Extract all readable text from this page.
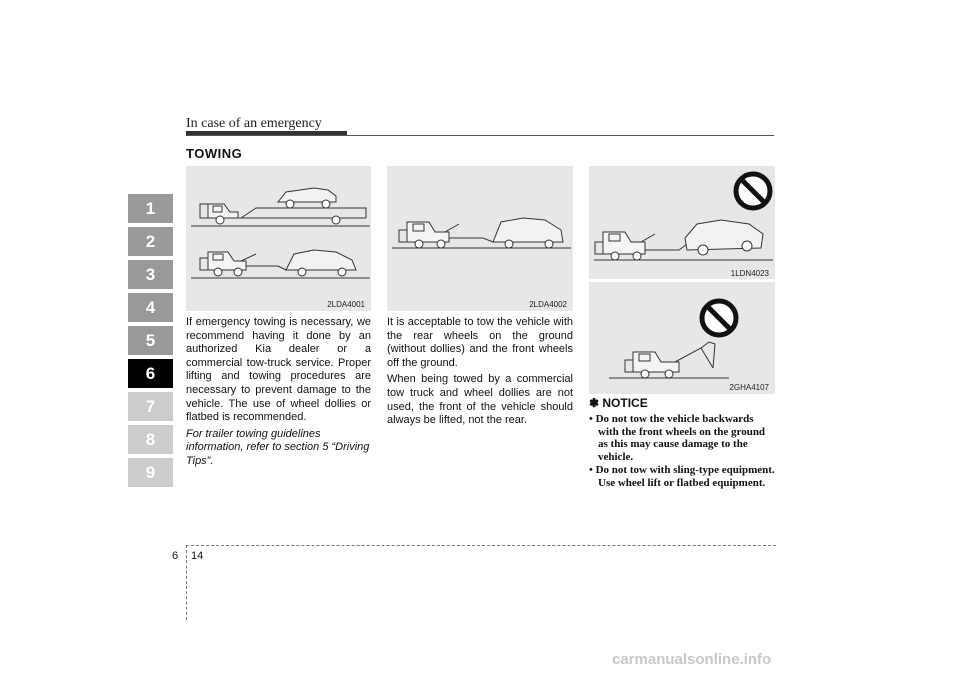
In case of an emergency
TOWING
1
2
3
4
5
6
7
8
9
2LDA4001	2LDA4002
1LDN4023
2GHA4107

If emergency towing is necessary, we recommend having it done by an authorized Kia dealer or a commercial tow-truck service. Proper lifting and towing procedures are necessary to prevent damage to the vehicle. The use of wheel dollies or flatbed is recommended.

For trailer towing guidelines information, refer to section 5 “Driving Tips”.

It is acceptable to tow the vehicle with the rear wheels on the ground (without dollies) and the front wheels off the ground.

When being towed by a commercial tow truck and wheel dollies are not used, the front of the vehicle should always be lifted, not the rear.

✽ NOTICE
• Do not tow the vehicle backwards with the front wheels on the ground as this may cause damage to the vehicle.
• Do not tow with sling-type equipment. Use wheel lift or flatbed equipment.
6 14
carmanualsonline.info
